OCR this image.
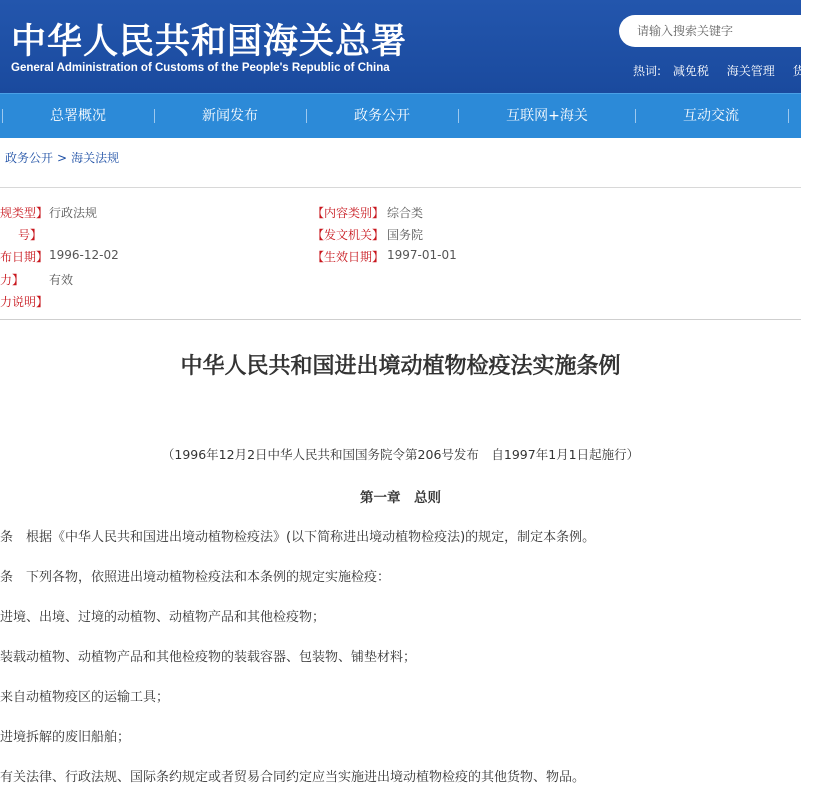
中华人民共和国海关总署
General Administration of Customs of the People's Republic of China
请输入搜索关键字
热词: 减免税 海关管理 货
总署概况	新闻发布	政务公开	互联网+海关	互动交流
政务公开 > 海关法规
规类型】 行政法规
号】
布日期】 1996-12-02
力】 有效
力说明】
【内容类别】 综合类
【发文机关】 国务院
【生效日期】 1997-01-01
中华人民共和国进出境动植物检疫法实施条例
（1996年12月2日中华人民共和国国务院令第206号发布　自1997年1月1日起施行）
第一章　总则
条　根据《中华人民共和国进出境动植物检疫法》(以下简称进出境动植物检疫法)的规定，制定本条例。
条　下列各物，依照进出境动植物检疫法和本条例的规定实施检疫：
进境、出境、过境的动植物、动植物产品和其他检疫物；
装载动植物、动植物产品和其他检疫物的装载容器、包装物、铺垫材料；
来自动植物疫区的运输工具；
进境拆解的废旧船舶；
有关法律、行政法规、国际条约规定或者贸易合同约定应当实施进出境动植物检疫的其他货物、物品。
